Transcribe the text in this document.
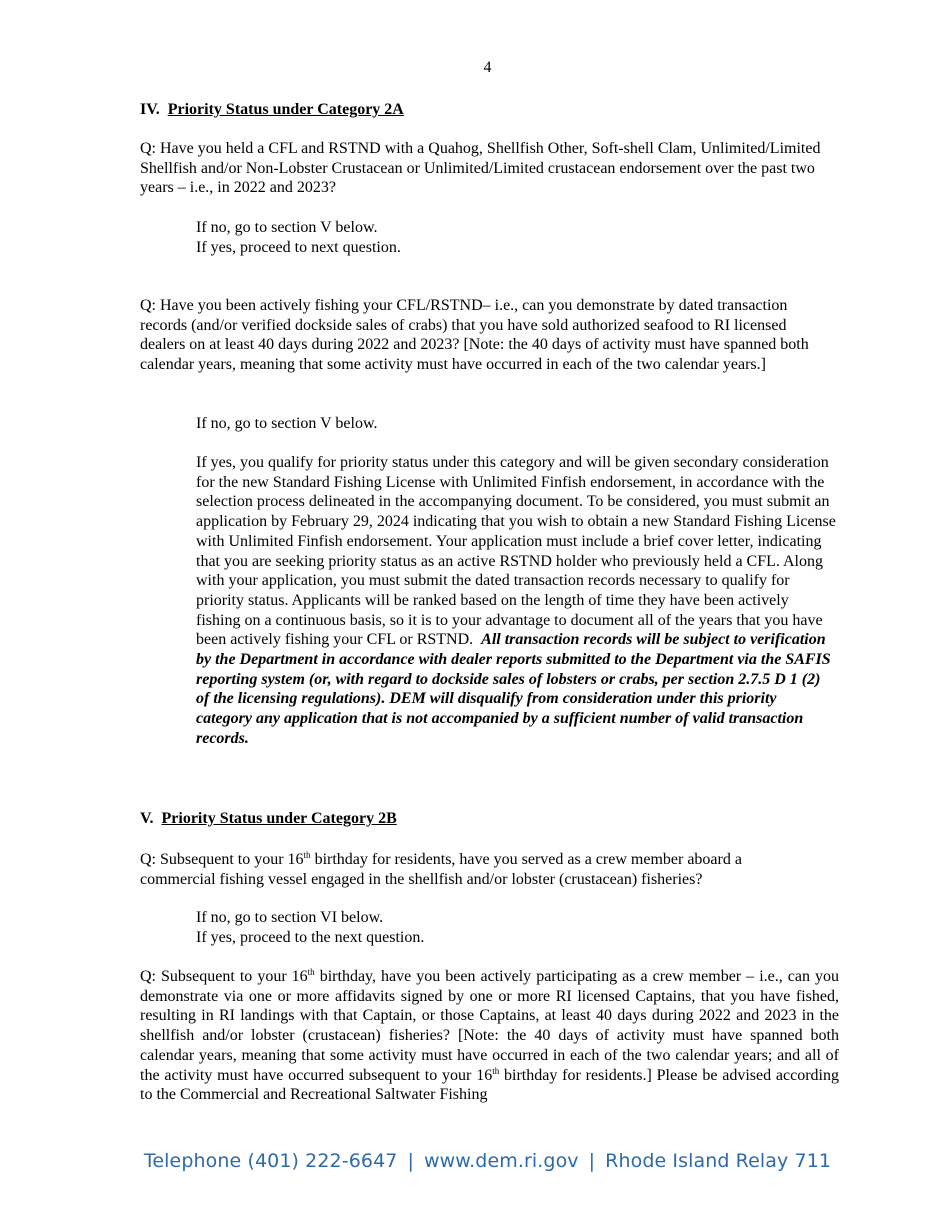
4
IV. Priority Status under Category 2A
Q: Have you held a CFL and RSTND with a Quahog, Shellfish Other, Soft-shell Clam, Unlimited/Limited Shellfish and/or Non-Lobster Crustacean or Unlimited/Limited crustacean endorsement over the past two years – i.e., in 2022 and 2023?
If no, go to section V below.
If yes, proceed to next question.
Q: Have you been actively fishing your CFL/RSTND– i.e., can you demonstrate by dated transaction records (and/or verified dockside sales of crabs) that you have sold authorized seafood to RI licensed dealers on at least 40 days during 2022 and 2023? [Note: the 40 days of activity must have spanned both calendar years, meaning that some activity must have occurred in each of the two calendar years.]
If no, go to section V below.
If yes, you qualify for priority status under this category and will be given secondary consideration for the new Standard Fishing License with Unlimited Finfish endorsement, in accordance with the selection process delineated in the accompanying document. To be considered, you must submit an application by February 29, 2024 indicating that you wish to obtain a new Standard Fishing License with Unlimited Finfish endorsement. Your application must include a brief cover letter, indicating that you are seeking priority status as an active RSTND holder who previously held a CFL. Along with your application, you must submit the dated transaction records necessary to qualify for priority status. Applicants will be ranked based on the length of time they have been actively fishing on a continuous basis, so it is to your advantage to document all of the years that you have been actively fishing your CFL or RSTND. All transaction records will be subject to verification by the Department in accordance with dealer reports submitted to the Department via the SAFIS reporting system (or, with regard to dockside sales of lobsters or crabs, per section 2.7.5 D 1 (2) of the licensing regulations). DEM will disqualify from consideration under this priority category any application that is not accompanied by a sufficient number of valid transaction records.
V. Priority Status under Category 2B
Q: Subsequent to your 16th birthday for residents, have you served as a crew member aboard a commercial fishing vessel engaged in the shellfish and/or lobster (crustacean) fisheries?
If no, go to section VI below.
If yes, proceed to the next question.
Q: Subsequent to your 16th birthday, have you been actively participating as a crew member – i.e., can you demonstrate via one or more affidavits signed by one or more RI licensed Captains, that you have fished, resulting in RI landings with that Captain, or those Captains, at least 40 days during 2022 and 2023 in the shellfish and/or lobster (crustacean) fisheries? [Note: the 40 days of activity must have spanned both calendar years, meaning that some activity must have occurred in each of the two calendar years; and all of the activity must have occurred subsequent to your 16th birthday for residents.] Please be advised according to the Commercial and Recreational Saltwater Fishing
Telephone (401) 222-6647 | www.dem.ri.gov | Rhode Island Relay 711
